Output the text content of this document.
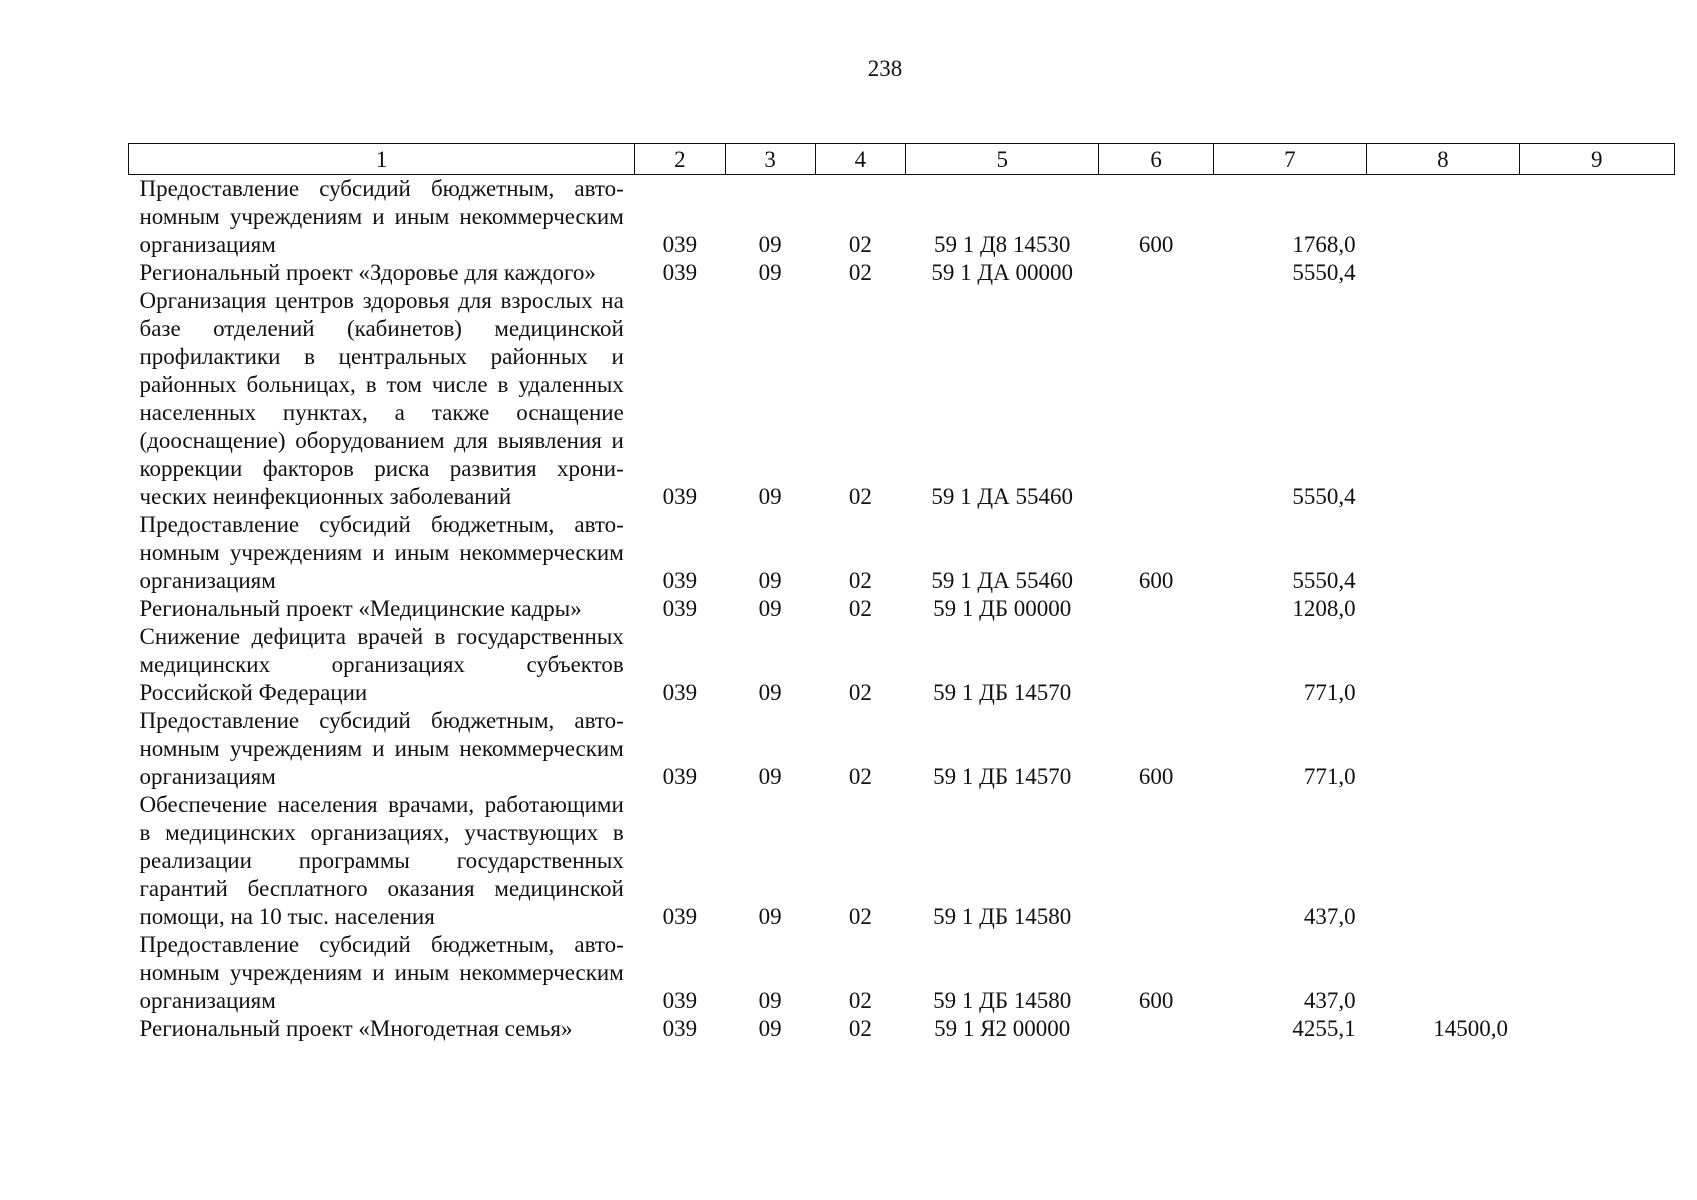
238
1	2	3	4	5	6	7	8	9
Предоставление субсидий бюджетным, автономным учреждениям и иным некоммерческим организациям	039	09	02	59 1 Д8 14530	600	1768,0		
Региональный проект «Здоровье для каждого»	039	09	02	59 1 ДА 00000		5550,4		
Организация центров здоровья для взрослых на базе отделений (кабинетов) медицинской профилактики в центральных районных и районных больницах, в том числе в удаленных населенных пунктах, а также оснащение (дооснащение) оборудованием для выявления и коррекции факторов риска развития хронических неинфекционных заболеваний	039	09	02	59 1 ДА 55460		5550,4		
Предоставление субсидий бюджетным, автономным учреждениям и иным некоммерческим организациям	039	09	02	59 1 ДА 55460	600	5550,4		
Региональный проект «Медицинские кадры»	039	09	02	59 1 ДБ 00000		1208,0		
Снижение дефицита врачей в государственных медицинских организациях субъектов Российской Федерации	039	09	02	59 1 ДБ 14570		771,0		
Предоставление субсидий бюджетным, автономным учреждениям и иным некоммерческим организациям	039	09	02	59 1 ДБ 14570	600	771,0		
Обеспечение населения врачами, работающими в медицинских организациях, участвующих в реализации программы государственных гарантий бесплатного оказания медицинской помощи, на 10 тыс. населения	039	09	02	59 1 ДБ 14580		437,0		
Предоставление субсидий бюджетным, автономным учреждениям и иным некоммерческим организациям	039	09	02	59 1 ДБ 14580	600	437,0		
Региональный проект «Многодетная семья»	039	09	02	59 1 Я2 00000		4255,1	14500,0	
